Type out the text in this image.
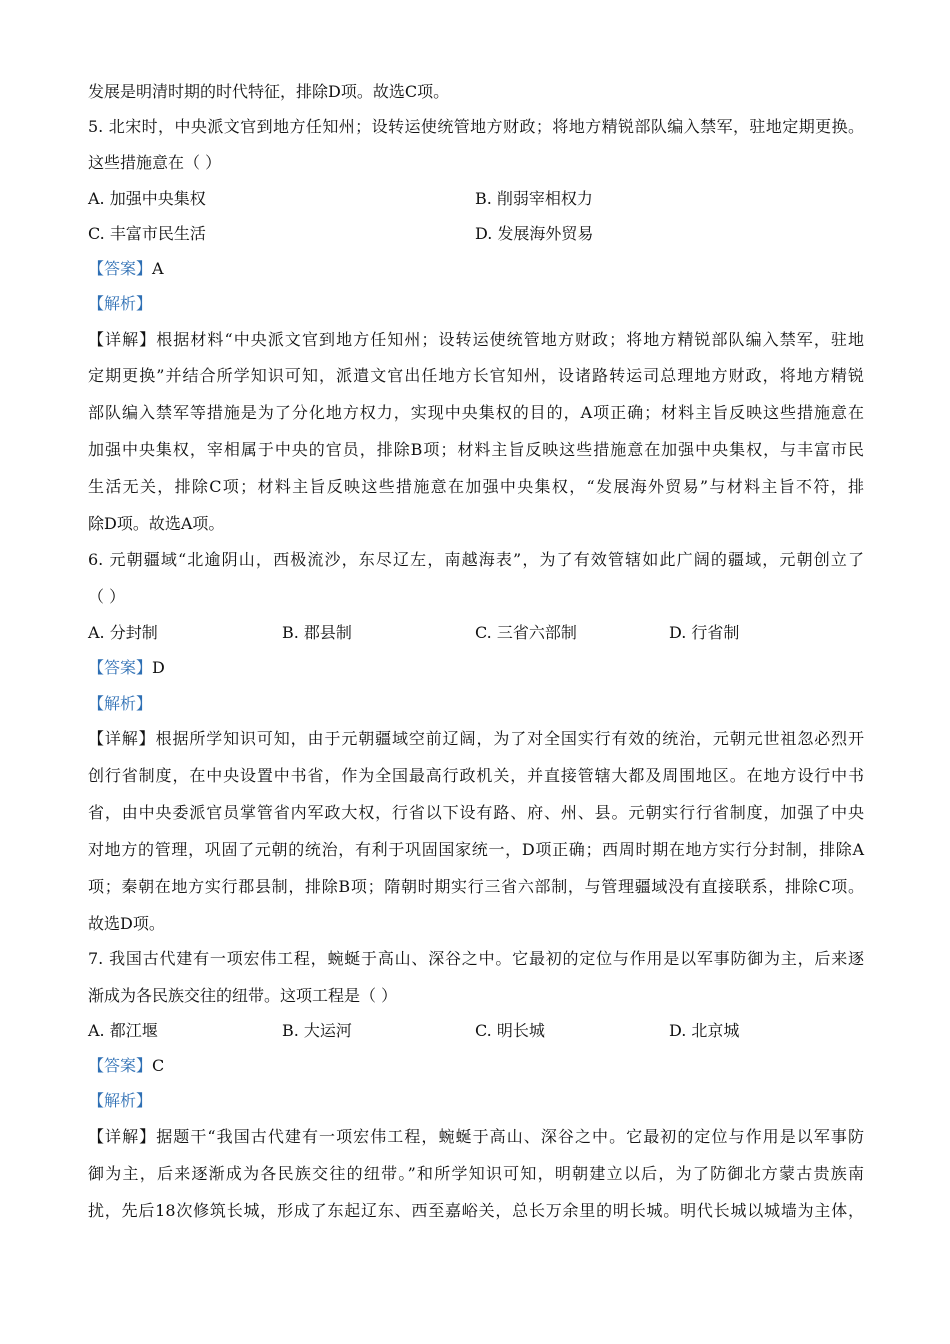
发展是明清时期的时代特征，排除D项。故选C项。
5. 北宋时，中央派文官到地方任知州；设转运使统管地方财政；将地方精锐部队编入禁军，驻地定期更换。
这些措施意在（ ）
A. 加强中央集权	B. 削弱宰相权力
C. 丰富市民生活	D. 发展海外贸易
【答案】A
【解析】
【详解】根据材料“中央派文官到地方任知州；设转运使统管地方财政；将地方精锐部队编入禁军，驻地
定期更换”并结合所学知识可知，派遣文官出任地方长官知州，设诸路转运司总理地方财政，将地方精锐
部队编入禁军等措施是为了分化地方权力，实现中央集权的目的，A项正确；材料主旨反映这些措施意在
加强中央集权，宰相属于中央的官员，排除B项；材料主旨反映这些措施意在加强中央集权，与丰富市民
生活无关，排除C项；材料主旨反映这些措施意在加强中央集权，“发展海外贸易”与材料主旨不符，排
除D项。故选A项。
6. 元朝疆域“北逾阴山，西极流沙，东尽辽左，南越海表”，为了有效管辖如此广阔的疆域，元朝创立了
（ ）
A. 分封制	B. 郡县制	C. 三省六部制	D. 行省制
【答案】D
【解析】
【详解】根据所学知识可知，由于元朝疆域空前辽阔，为了对全国实行有效的统治，元朝元世祖忽必烈开
创行省制度，在中央设置中书省，作为全国最高行政机关，并直接管辖大都及周围地区。在地方设行中书
省，由中央委派官员掌管省内军政大权，行省以下设有路、府、州、县。元朝实行行省制度，加强了中央
对地方的管理，巩固了元朝的统治，有利于巩固国家统一，D项正确；西周时期在地方实行分封制，排除A
项；秦朝在地方实行郡县制，排除B项；隋朝时期实行三省六部制，与管理疆域没有直接联系，排除C项。
故选D项。
7. 我国古代建有一项宏伟工程，蜿蜒于高山、深谷之中。它最初的定位与作用是以军事防御为主，后来逐
渐成为各民族交往的纽带。这项工程是（ ）
A. 都江堰	B. 大运河	C. 明长城	D. 北京城
【答案】C
【解析】
【详解】据题干“我国古代建有一项宏伟工程，蜿蜒于高山、深谷之中。它最初的定位与作用是以军事防
御为主，后来逐渐成为各民族交往的纽带。”和所学知识可知，明朝建立以后，为了防御北方蒙古贵族南
扰，先后18次修筑长城，形成了东起辽东、西至嘉峪关，总长万余里的明长城。明代长城以城墙为主体，
